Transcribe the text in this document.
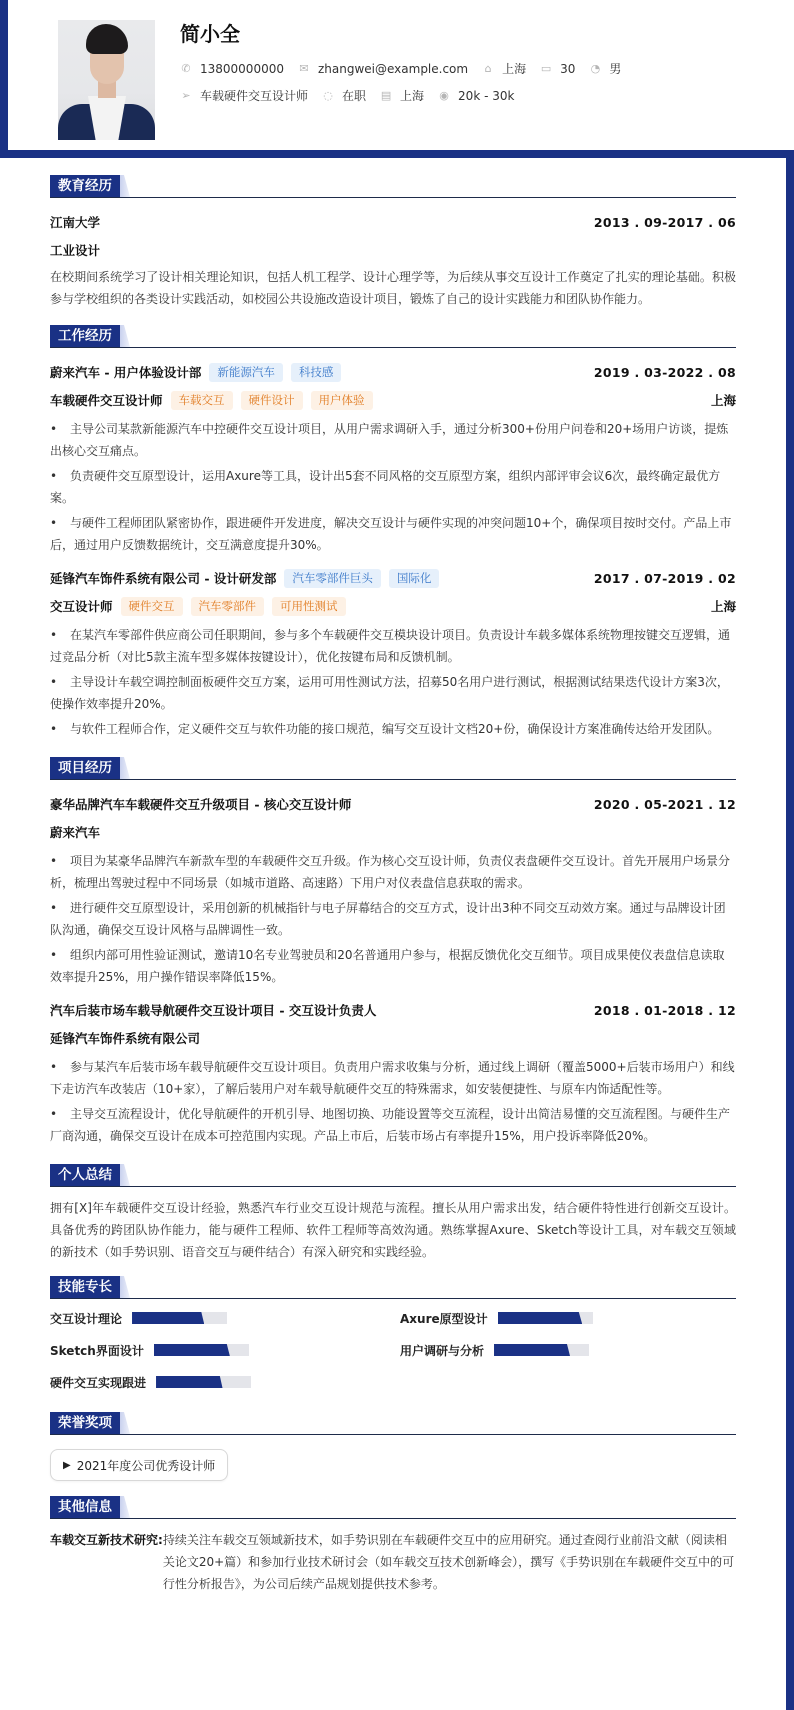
简小全
✆ 13800000000 ✉ zhangwei@example.com ⌂ 上海 ▭ 30 ◔ 男
➢ 车载硬件交互设计师 ◌ 在职 ▤ 上海 ◉ 20k - 30k
教育经历
江南大学	2013 . 09-2017 . 06
工业设计
在校期间系统学习了设计相关理论知识，包括人机工程学、设计心理学等，为后续从事交互设计工作奠定了扎实的理论基础。积极参与学校组织的各类设计实践活动，如校园公共设施改造设计项目，锻炼了自己的设计实践能力和团队协作能力。
工作经历
蔚来汽车 - 用户体验设计部	新能源汽车	科技感	2019 . 03-2022 . 08
车载硬件交互设计师	车载交互	硬件设计	用户体验	上海
• 主导公司某款新能源汽车中控硬件交互设计项目，从用户需求调研入手，通过分析300+份用户问卷和20+场用户访谈，提炼出核心交互痛点。
• 负责硬件交互原型设计，运用Axure等工具，设计出5套不同风格的交互原型方案，组织内部评审会议6次，最终确定最优方案。
• 与硬件工程师团队紧密协作，跟进硬件开发进度，解决交互设计与硬件实现的冲突问题10+个，确保项目按时交付。产品上市后，通过用户反馈数据统计，交互满意度提升30%。
延锋汽车饰件系统有限公司 - 设计研发部	汽车零部件巨头	国际化	2017 . 07-2019 . 02
交互设计师	硬件交互	汽车零部件	可用性测试	上海
• 在某汽车零部件供应商公司任职期间，参与多个车载硬件交互模块设计项目。负责设计车载多媒体系统物理按键交互逻辑，通过竞品分析（对比5款主流车型多媒体按键设计），优化按键布局和反馈机制。
• 主导设计车载空调控制面板硬件交互方案，运用可用性测试方法，招募50名用户进行测试，根据测试结果迭代设计方案3次，使操作效率提升20%。
• 与软件工程师合作，定义硬件交互与软件功能的接口规范，编写交互设计文档20+份，确保设计方案准确传达给开发团队。
项目经历
豪华品牌汽车车载硬件交互升级项目 - 核心交互设计师	2020 . 05-2021 . 12
蔚来汽车
• 项目为某豪华品牌汽车新款车型的车载硬件交互升级。作为核心交互设计师，负责仪表盘硬件交互设计。首先开展用户场景分析，梳理出驾驶过程中不同场景（如城市道路、高速路）下用户对仪表盘信息获取的需求。
• 进行硬件交互原型设计，采用创新的机械指针与电子屏幕结合的交互方式，设计出3种不同交互动效方案。通过与品牌设计团队沟通，确保交互设计风格与品牌调性一致。
• 组织内部可用性验证测试，邀请10名专业驾驶员和20名普通用户参与，根据反馈优化交互细节。项目成果使仪表盘信息读取效率提升25%，用户操作错误率降低15%。
汽车后装市场车载导航硬件交互设计项目 - 交互设计负责人	2018 . 01-2018 . 12
延锋汽车饰件系统有限公司
• 参与某汽车后装市场车载导航硬件交互设计项目。负责用户需求收集与分析，通过线上调研（覆盖5000+后装市场用户）和线下走访汽车改装店（10+家），了解后装用户对车载导航硬件交互的特殊需求，如安装便捷性、与原车内饰适配性等。
• 主导交互流程设计，优化导航硬件的开机引导、地图切换、功能设置等交互流程，设计出简洁易懂的交互流程图。与硬件生产厂商沟通，确保交互设计在成本可控范围内实现。产品上市后，后装市场占有率提升15%，用户投诉率降低20%。
个人总结
拥有[X]年车载硬件交互设计经验，熟悉汽车行业交互设计规范与流程。擅长从用户需求出发，结合硬件特性进行创新交互设计。具备优秀的跨团队协作能力，能与硬件工程师、软件工程师等高效沟通。熟练掌握Axure、Sketch等设计工具，对车载交互领域的新技术（如手势识别、语音交互与硬件结合）有深入研究和实践经验。
技能专长
交互设计理论	Axure原型设计
Sketch界面设计	用户调研与分析
硬件交互实现跟进
荣誉奖项
▶ 2021年度公司优秀设计师
其他信息
车载交互新技术研究: 持续关注车载交互领域新技术，如手势识别在车载硬件交互中的应用研究。通过查阅行业前沿文献（阅读相关论文20+篇）和参加行业技术研讨会（如车载交互技术创新峰会），撰写《手势识别在车载硬件交互中的可行性分析报告》，为公司后续产品规划提供技术参考。
